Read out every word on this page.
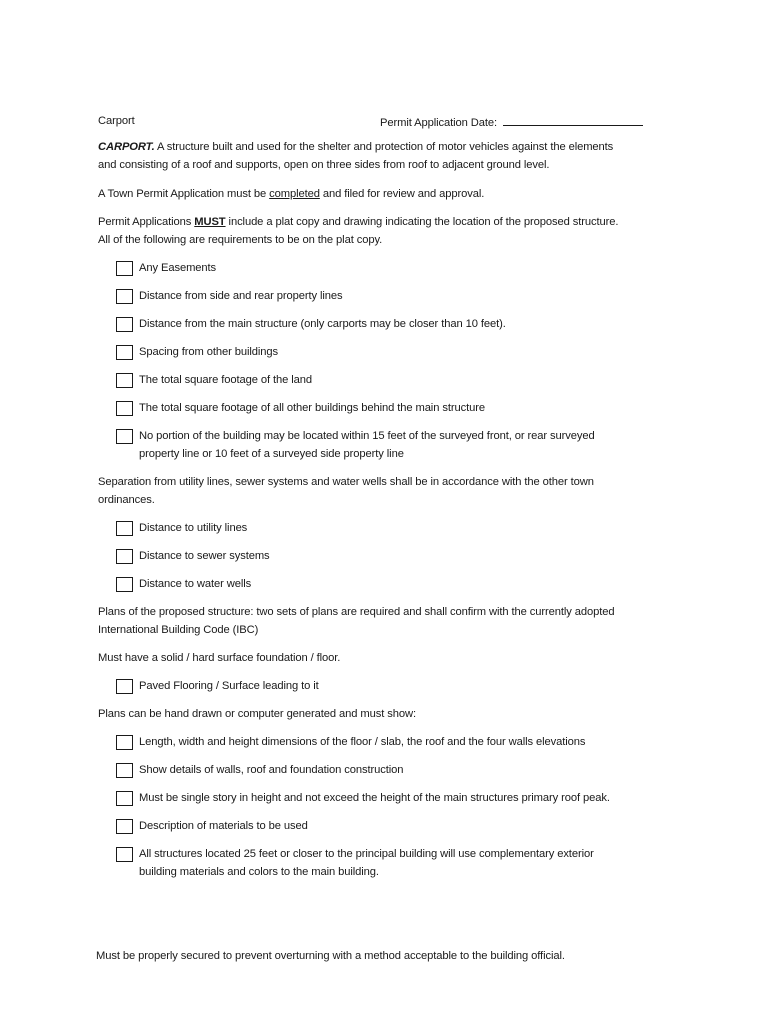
Carport	Permit Application Date:
CARPORT. A structure built and used for the shelter and protection of motor vehicles against the elements
and consisting of a roof and supports, open on three sides from roof to adjacent ground level.
A Town Permit Application must be completed and filed for review and approval.
Permit Applications MUST include a plat copy and drawing indicating the location of the proposed structure.
All of the following are requirements to be on the plat copy.
Any Easements
Distance from side and rear property lines
Distance from the main structure (only carports may be closer than 10 feet).
Spacing from other buildings
The total square footage of the land
The total square footage of all other buildings behind the main structure
No portion of the building may be located within 15 feet of the surveyed front, or rear surveyed
property line or 10 feet of a surveyed side property line
Separation from utility lines, sewer systems and water wells shall be in accordance with the other town
ordinances.
Distance to utility lines
Distance to sewer systems
Distance to water wells
Plans of the proposed structure: two sets of plans are required and shall confirm with the currently adopted
International Building Code (IBC)
Must have a solid / hard surface foundation / floor.
Paved Flooring / Surface leading to it
Plans can be hand drawn or computer generated and must show:
Length, width and height dimensions of the floor / slab, the roof and the four walls elevations
Show details of walls, roof and foundation construction
Must be single story in height and not exceed the height of the main structures primary roof peak.
Description of materials to be used
All structures located 25 feet or closer to the principal building will use complementary exterior
building materials and colors to the main building.
Must be properly secured to prevent overturning with a method acceptable to the building official.
